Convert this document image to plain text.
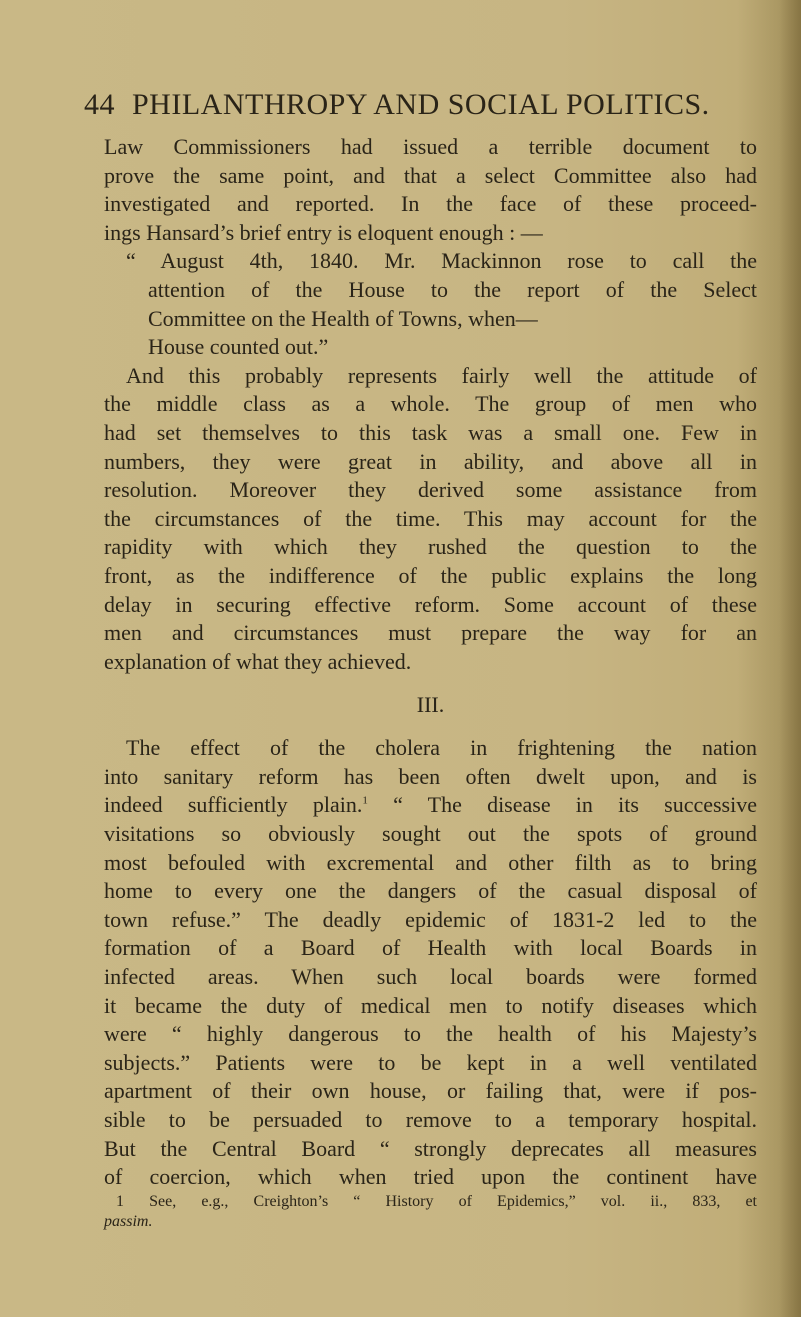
44 PHILANTHROPY AND SOCIAL POLITICS.
Law Commissioners had issued a terrible document to
prove the same point, and that a select Committee also had
investigated and reported. In the face of these proceed-
ings Hansard’s brief entry is eloquent enough : —
“ August 4th, 1840. Mr. Mackinnon rose to call the
attention of the House to the report of the Select
Committee on the Health of Towns, when—
House counted out.”
And this probably represents fairly well the attitude of
the middle class as a whole. The group of men who
had set themselves to this task was a small one. Few in
numbers, they were great in ability, and above all in
resolution. Moreover they derived some assistance from
the circumstances of the time. This may account for the
rapidity with which they rushed the question to the
front, as the indifference of the public explains the long
delay in securing effective reform. Some account of these
men and circumstances must prepare the way for an
explanation of what they achieved.
III.
The effect of the cholera in frightening the nation
into sanitary reform has been often dwelt upon, and is
indeed sufficiently plain.$^1$ “ The disease in its successive
visitations so obviously sought out the spots of ground
most befouled with excremental and other filth as to bring
home to every one the dangers of the casual disposal of
town refuse.” The deadly epidemic of 1831-2 led to the
formation of a Board of Health with local Boards in
infected areas. When such local boards were formed
it became the duty of medical men to notify diseases which
were “ highly dangerous to the health of his Majesty’s
subjects.” Patients were to be kept in a well ventilated
apartment of their own house, or failing that, were if pos-
sible to be persuaded to remove to a temporary hospital.
But the Central Board “ strongly deprecates all measures
of coercion, which when tried upon the continent have
1 See, e.g., Creighton’s “ History of Epidemics,” vol. ii., 833, et
passim.
